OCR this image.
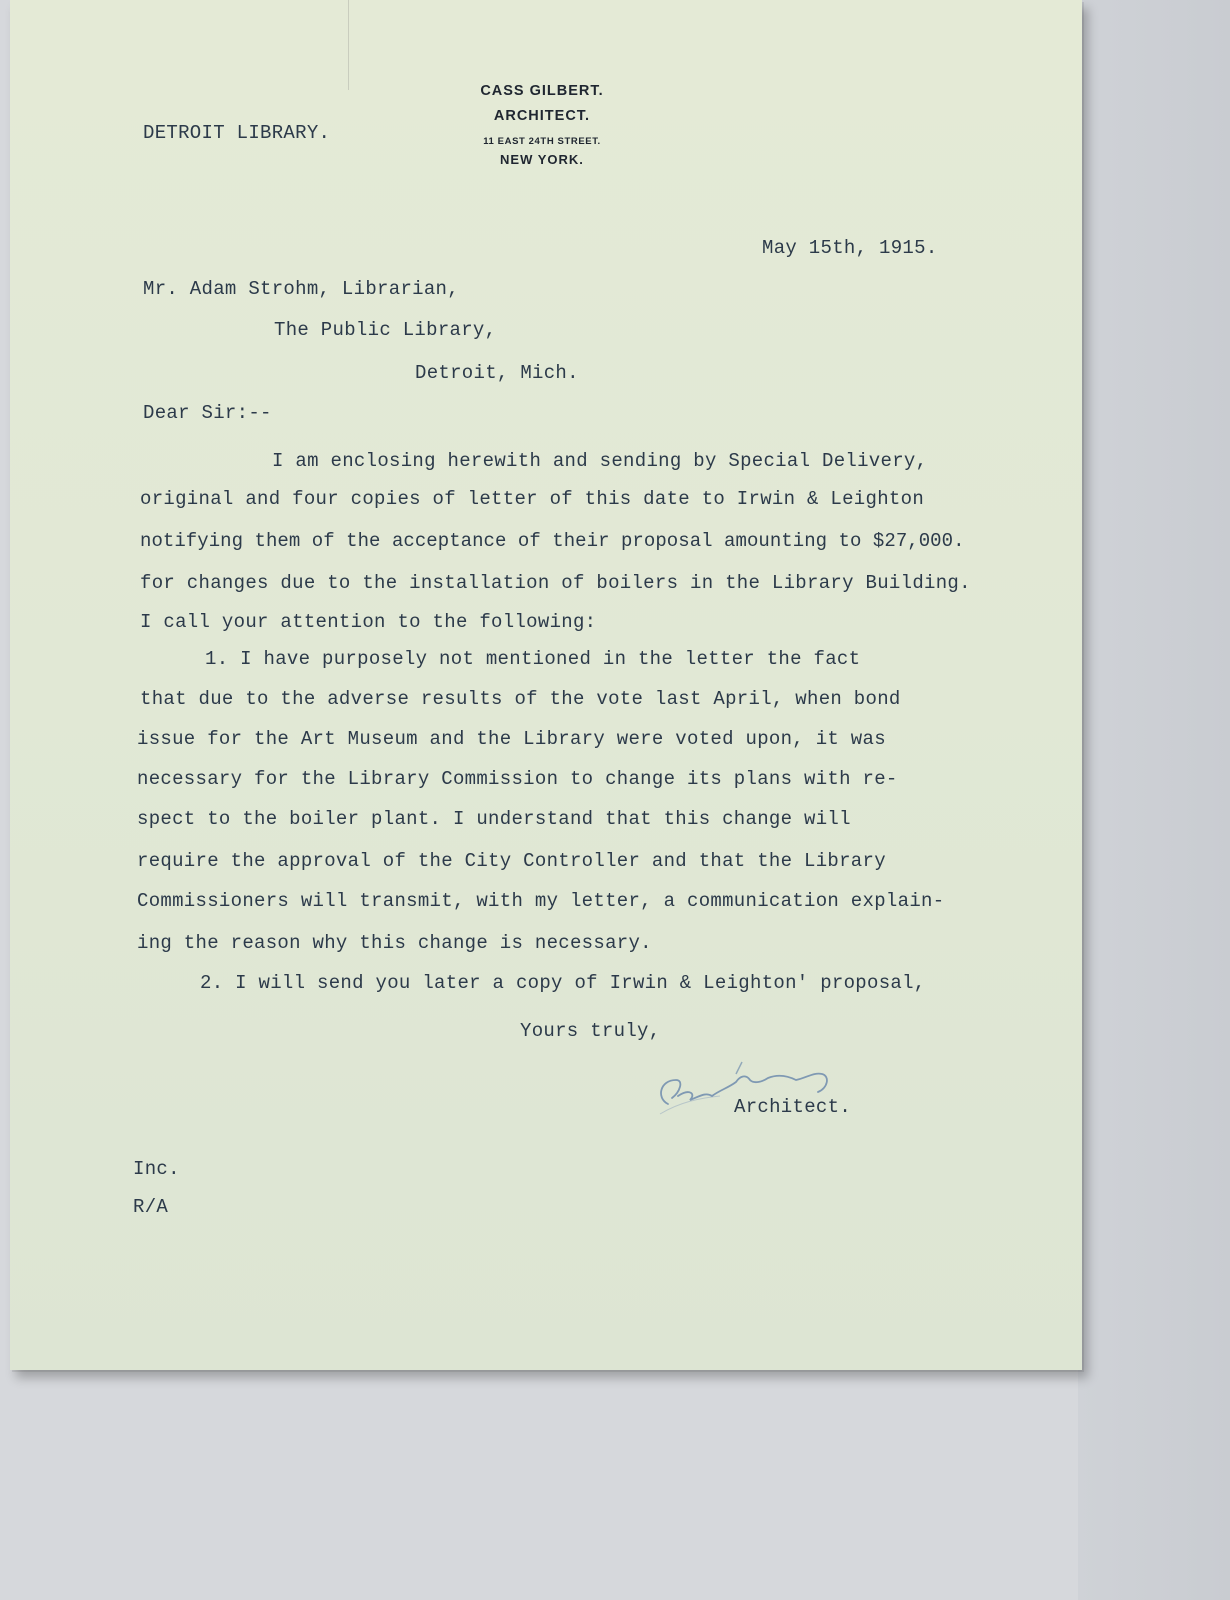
CASS GILBERT.
ARCHITECT.
11 EAST 24TH STREET.
NEW YORK.
DETROIT LIBRARY.
May 15th, 1915.
Mr. Adam Strohm, Librarian,
The Public Library,
Detroit, Mich.
Dear Sir:--
I am enclosing herewith and sending by Special Delivery,
original and four copies of letter of this date to Irwin & Leighton
notifying them of the acceptance of their proposal amounting to $27,000.
for changes due to the installation of boilers in the Library Building.
I call your attention to the following:
1. I have purposely not mentioned in the letter the fact
that due to the adverse results of the vote last April, when bond
issue for the Art Museum and the Library were voted upon, it was
necessary for the Library Commission to change its plans with re-
spect to the boiler plant. I understand that this change will
require the approval of the City Controller and that the Library
Commissioners will transmit, with my letter, a communication explain-
ing the reason why this change is necessary.
2. I will send you later a copy of Irwin & Leighton' proposal,
Yours truly,
Architect.
Inc.
R/A
